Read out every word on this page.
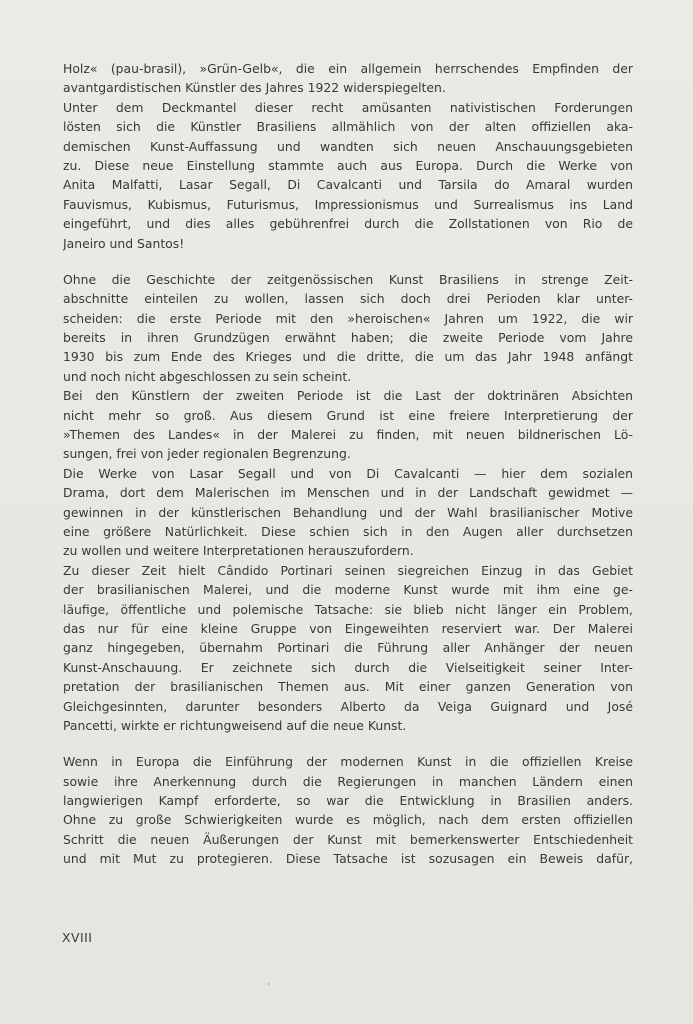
Holz« (pau-brasil), »Grün-Gelb«, die ein allgemein herrschendes Empfinden der
avantgardistischen Künstler des Jahres 1922 widerspiegelten.
Unter dem Deckmantel dieser recht amüsanten nativistischen Forderungen
lösten sich die Künstler Brasiliens allmählich von der alten offiziellen aka-
demischen Kunst-Auffassung und wandten sich neuen Anschauungsgebieten
zu. Diese neue Einstellung stammte auch aus Europa. Durch die Werke von
Anita Malfatti, Lasar Segall, Di Cavalcanti und Tarsila do Amaral wurden
Fauvismus, Kubismus, Futurismus, Impressionismus und Surrealismus ins Land
eingeführt, und dies alles gebührenfrei durch die Zollstationen von Rio de
Janeiro und Santos!
Ohne die Geschichte der zeitgenössischen Kunst Brasiliens in strenge Zeit-
abschnitte einteilen zu wollen, lassen sich doch drei Perioden klar unter-
scheiden: die erste Periode mit den »heroischen« Jahren um 1922, die wir
bereits in ihren Grundzügen erwähnt haben; die zweite Periode vom Jahre
1930 bis zum Ende des Krieges und die dritte, die um das Jahr 1948 anfängt
und noch nicht abgeschlossen zu sein scheint.
Bei den Künstlern der zweiten Periode ist die Last der doktrinären Absichten
nicht mehr so groß. Aus diesem Grund ist eine freiere Interpretierung der
»Themen des Landes« in der Malerei zu finden, mit neuen bildnerischen Lö-
sungen, frei von jeder regionalen Begrenzung.
Die Werke von Lasar Segall und von Di Cavalcanti — hier dem sozialen
Drama, dort dem Malerischen im Menschen und in der Landschaft gewidmet —
gewinnen in der künstlerischen Behandlung und der Wahl brasilianischer Motive
eine größere Natürlichkeit. Diese schien sich in den Augen aller durchsetzen
zu wollen und weitere Interpretationen herauszufordern.
Zu dieser Zeit hielt Cândido Portinari seinen siegreichen Einzug in das Gebiet
der brasilianischen Malerei, und die moderne Kunst wurde mit ihm eine ge-
läufige, öffentliche und polemische Tatsache: sie blieb nicht länger ein Problem,
das nur für eine kleine Gruppe von Eingeweihten reserviert war. Der Malerei
ganz hingegeben, übernahm Portinari die Führung aller Anhänger der neuen
Kunst-Anschauung. Er zeichnete sich durch die Vielseitigkeit seiner Inter-
pretation der brasilianischen Themen aus. Mit einer ganzen Generation von
Gleichgesinnten, darunter besonders Alberto da Veiga Guignard und José
Pancetti, wirkte er richtungweisend auf die neue Kunst.
Wenn in Europa die Einführung der modernen Kunst in die offiziellen Kreise
sowie ihre Anerkennung durch die Regierungen in manchen Ländern einen
langwierigen Kampf erforderte, so war die Entwicklung in Brasilien anders.
Ohne zu große Schwierigkeiten wurde es möglich, nach dem ersten offiziellen
Schritt die neuen Äußerungen der Kunst mit bemerkenswerter Entschiedenheit
und mit Mut zu protegieren. Diese Tatsache ist sozusagen ein Beweis dafür,
XVIII
